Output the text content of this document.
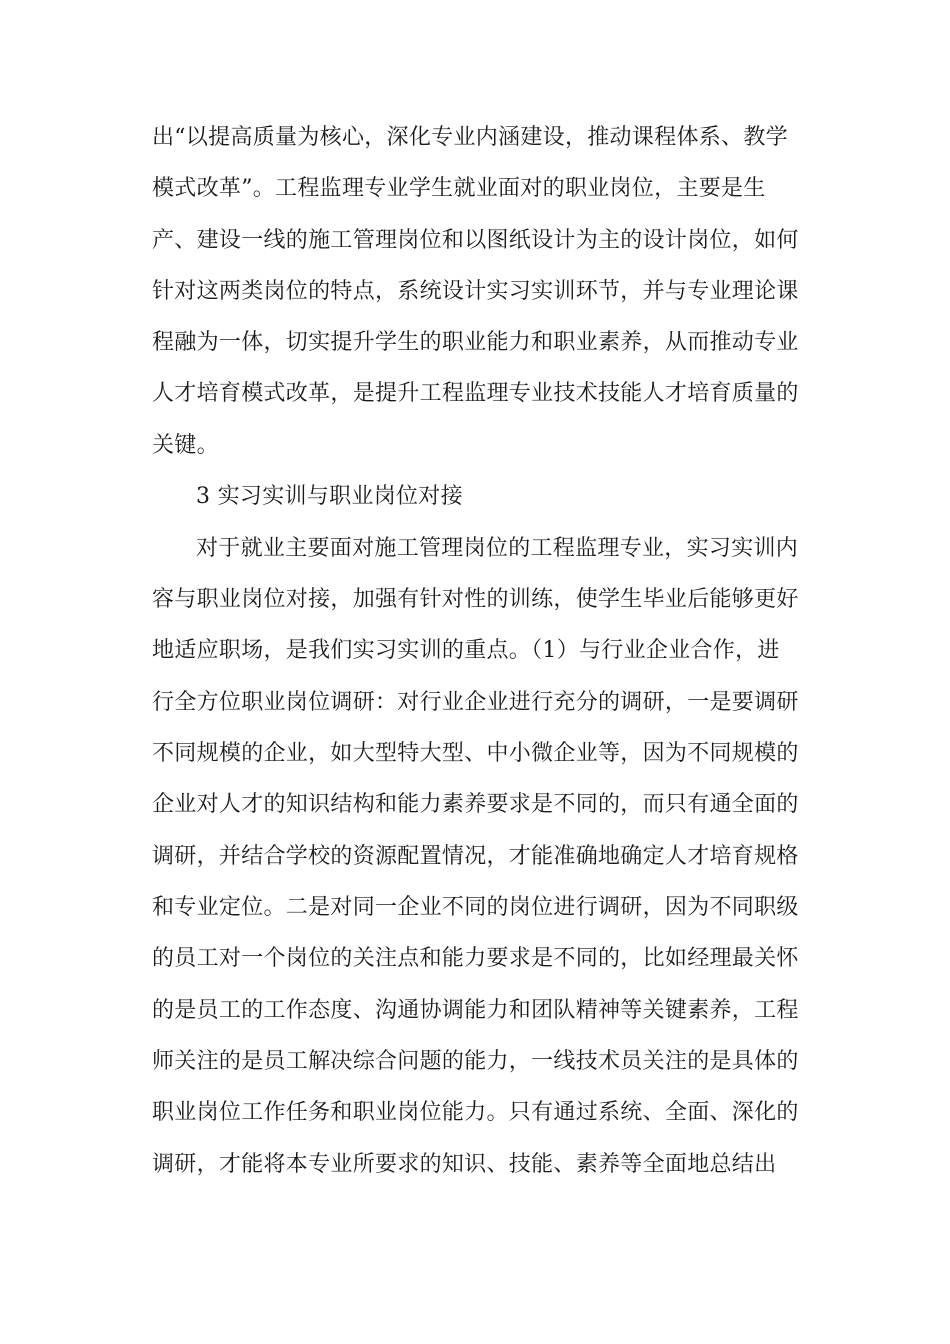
出“以提高质量为核心，深化专业内涵建设，推动课程体系、教学
模式改革”。工程监理专业学生就业面对的职业岗位，主要是生
产、建设一线的施工管理岗位和以图纸设计为主的设计岗位，如何
针对这两类岗位的特点，系统设计实习实训环节，并与专业理论课
程融为一体，切实提升学生的职业能力和职业素养，从而推动专业
人才培育模式改革，是提升工程监理专业技术技能人才培育质量的
关键。
3 实习实训与职业岗位对接
对于就业主要面对施工管理岗位的工程监理专业，实习实训内
容与职业岗位对接，加强有针对性的训练，使学生毕业后能够更好
地适应职场，是我们实习实训的重点。（1）与行业企业合作，进
行全方位职业岗位调研：对行业企业进行充分的调研，一是要调研
不同规模的企业，如大型特大型、中小微企业等，因为不同规模的
企业对人才的知识结构和能力素养要求是不同的，而只有通全面的
调研，并结合学校的资源配置情况，才能准确地确定人才培育规格
和专业定位。二是对同一企业不同的岗位进行调研，因为不同职级
的员工对一个岗位的关注点和能力要求是不同的，比如经理最关怀
的是员工的工作态度、沟通协调能力和团队精神等关键素养，工程
师关注的是员工解决综合问题的能力，一线技术员关注的是具体的
职业岗位工作任务和职业岗位能力。只有通过系统、全面、深化的
调研，才能将本专业所要求的知识、技能、素养等全面地总结出
